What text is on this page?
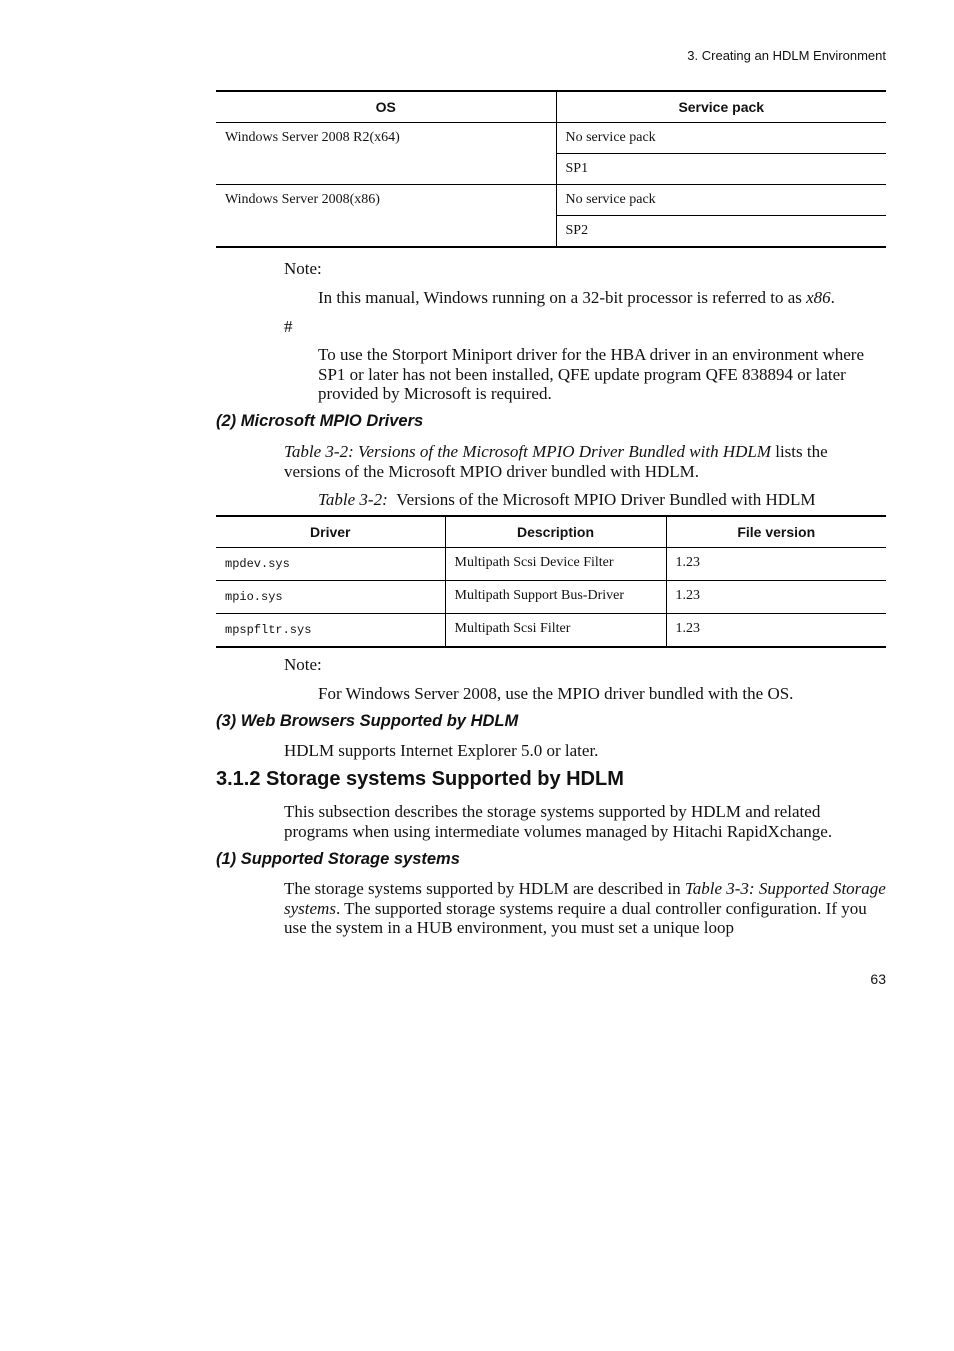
3. Creating an HDLM Environment
OS	Service pack
Windows Server 2008 R2(x64)	No service pack
	SP1
Windows Server 2008(x86)	No service pack
	SP2
Note:
In this manual, Windows running on a 32-bit processor is referred to as x86.
#
To use the Storport Miniport driver for the HBA driver in an environment where SP1 or later has not been installed, QFE update program QFE 838894 or later provided by Microsoft is required.
(2) Microsoft MPIO Drivers
Table 3-2: Versions of the Microsoft MPIO Driver Bundled with HDLM lists the versions of the Microsoft MPIO driver bundled with HDLM.
Table 3-2: Versions of the Microsoft MPIO Driver Bundled with HDLM
Driver	Description	File version
mpdev.sys	Multipath Scsi Device Filter	1.23
mpio.sys	Multipath Support Bus-Driver	1.23
mpspfltr.sys	Multipath Scsi Filter	1.23
Note:
For Windows Server 2008, use the MPIO driver bundled with the OS.
(3) Web Browsers Supported by HDLM
HDLM supports Internet Explorer 5.0 or later.
3.1.2 Storage systems Supported by HDLM
This subsection describes the storage systems supported by HDLM and related programs when using intermediate volumes managed by Hitachi RapidXchange.
(1) Supported Storage systems
The storage systems supported by HDLM are described in Table 3-3: Supported Storage systems. The supported storage systems require a dual controller configuration. If you use the system in a HUB environment, you must set a unique loop
63
